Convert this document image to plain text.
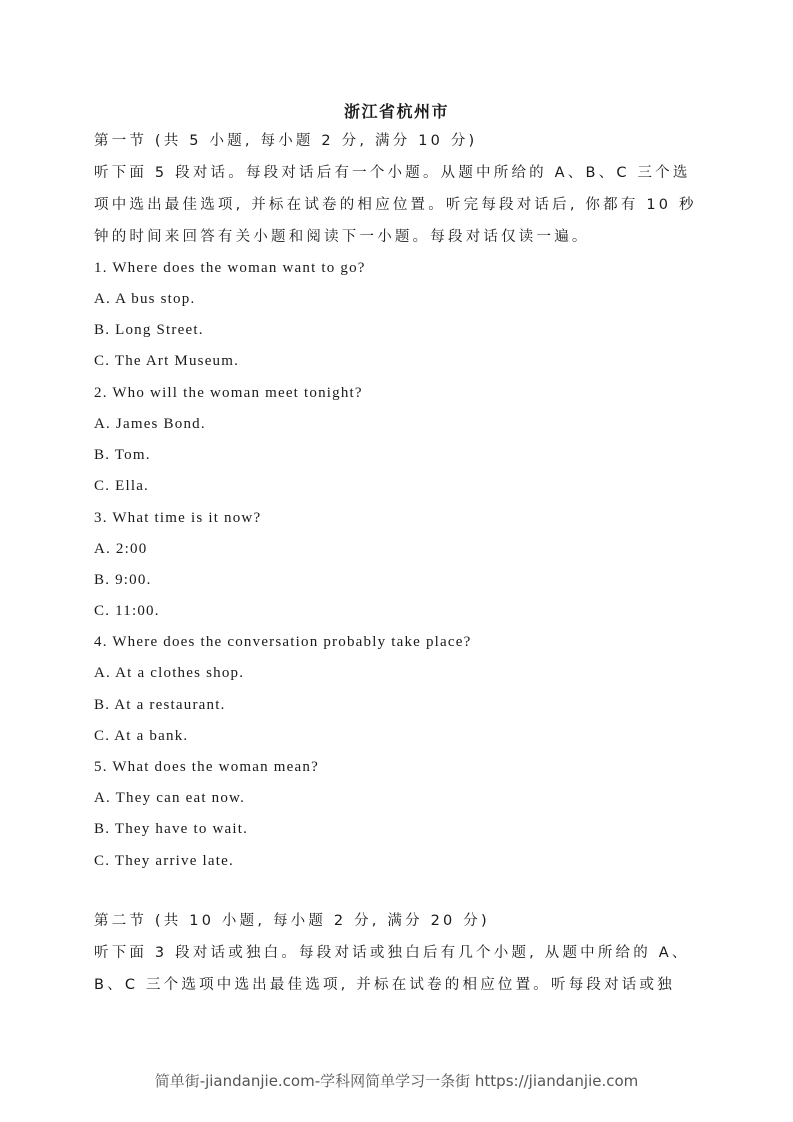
浙江省杭州市
第一节 (共 5 小题, 每小题 2 分, 满分 10 分)
听下面 5 段对话。每段对话后有一个小题。从题中所给的 A、B、C 三个选
项中选出最佳选项, 并标在试卷的相应位置。听完每段对话后, 你都有 10 秒
钟的时间来回答有关小题和阅读下一小题。每段对话仅读一遍。
1. Where does the woman want to go?
A. A bus stop.
B. Long Street.
C. The Art Museum.
2. Who will the woman meet tonight?
A. James Bond.
B. Tom.
C. Ella.
3. What time is it now?
A. 2:00
B. 9:00.
C. 11:00.
4. Where does the conversation probably take place?
A. At a clothes shop.
B. At a restaurant.
C. At a bank.
5. What does the woman mean?
A. They can eat now.
B. They have to wait.
C. They arrive late.
第二节 (共 10 小题, 每小题 2 分, 满分 20 分)
听下面 3 段对话或独白。每段对话或独白后有几个小题, 从题中所给的 A、
B、C 三个选项中选出最佳选项, 并标在试卷的相应位置。听每段对话或独
简单街-jiandanjie.com-学科网简单学习一条街 https://jiandanjie.com
